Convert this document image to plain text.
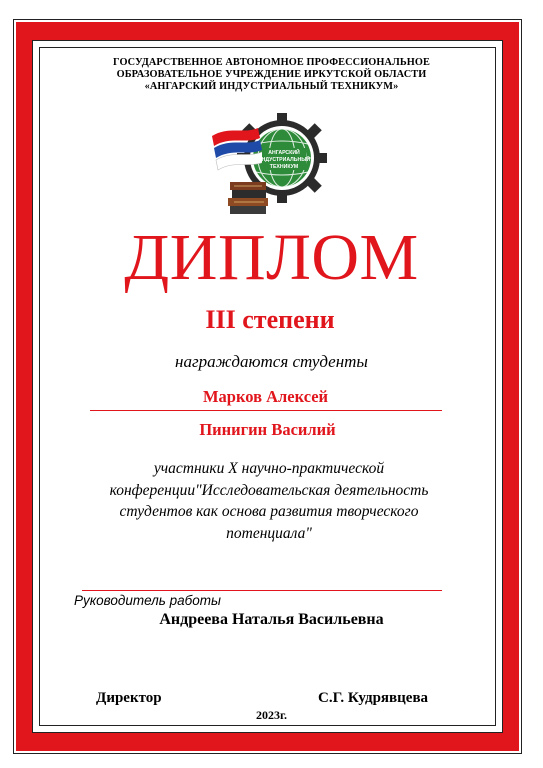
ГОСУДАРСТВЕННОЕ АВТОНОМНОЕ ПРОФЕССИОНАЛЬНОЕ
ОБРАЗОВАТЕЛЬНОЕ УЧРЕЖДЕНИЕ ИРКУТСКОЙ ОБЛАСТИ
«АНГАРСКИЙ ИНДУСТРИАЛЬНЫЙ ТЕХНИКУМ»
АНГАРСКИЙ
ИНДУСТРИАЛЬНЫЙ
ТЕХНИКУМ
ДИПЛОМ
III степени
награждаются студенты
Марков Алексей
Пинигин Василий
участники Х научно-практической
конференции"Исследовательская деятельность
студентов как основа развития творческого
потенциала"
Руководитель работы
Андреева Наталья Васильевна
Директор	С.Г. Кудрявцева
2023г.
